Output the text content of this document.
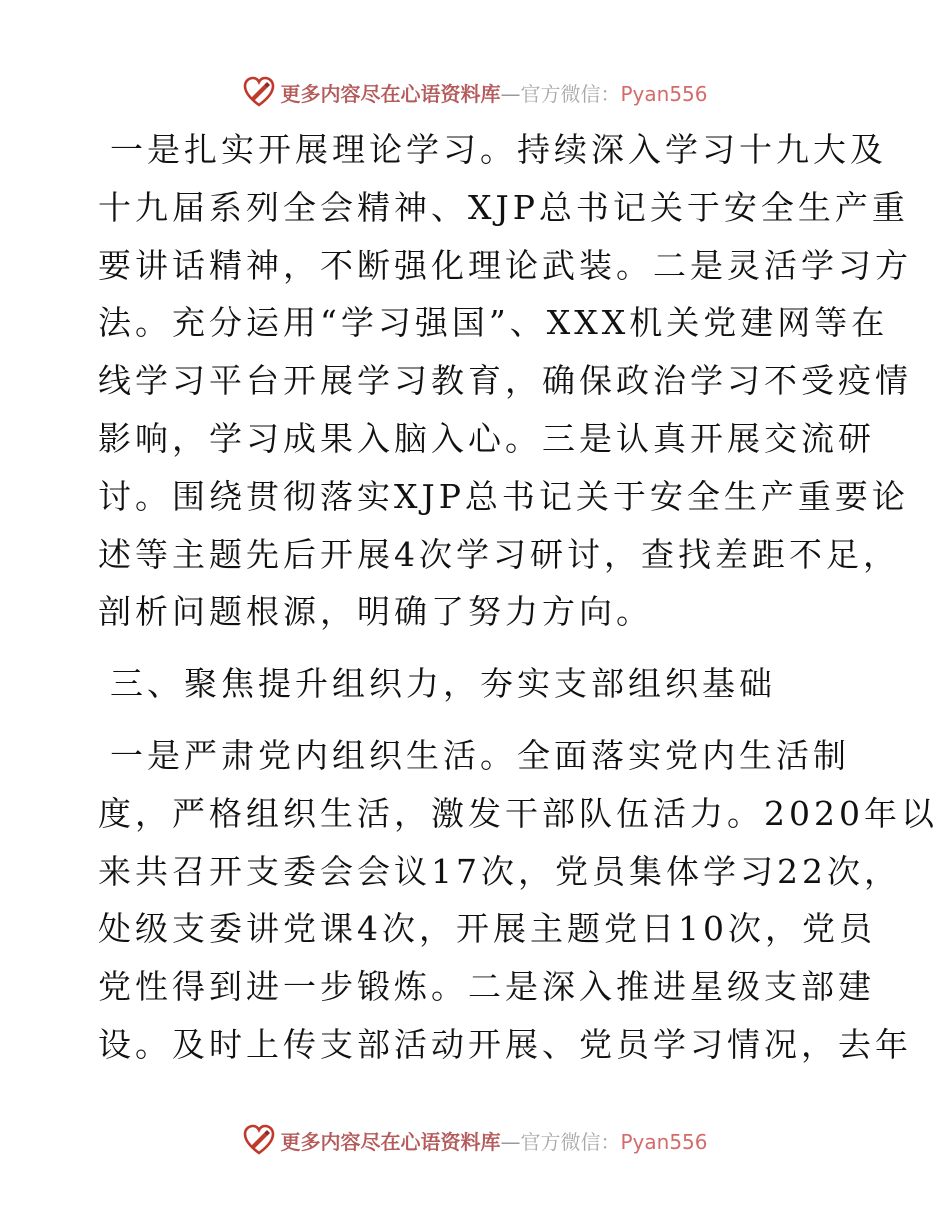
更多内容尽在心语资料库—官方微信：Pyan556
一是扎实开展理论学习。持续深入学习十九大及
十九届系列全会精神、XJP总书记关于安全生产重
要讲话精神，不断强化理论武装。二是灵活学习方
法。充分运用“学习强国”、XXX机关党建网等在
线学习平台开展学习教育，确保政治学习不受疫情
影响，学习成果入脑入心。三是认真开展交流研
讨。围绕贯彻落实XJP总书记关于安全生产重要论
述等主题先后开展4次学习研讨，查找差距不足，
剖析问题根源，明确了努力方向。
三、聚焦提升组织力，夯实支部组织基础
一是严肃党内组织生活。全面落实党内生活制
度，严格组织生活，激发干部队伍活力。2020年以
来共召开支委会会议17次，党员集体学习22次，
处级支委讲党课4次，开展主题党日10次，党员
党性得到进一步锻炼。二是深入推进星级支部建
设。及时上传支部活动开展、党员学习情况，去年
更多内容尽在心语资料库—官方微信：Pyan556
